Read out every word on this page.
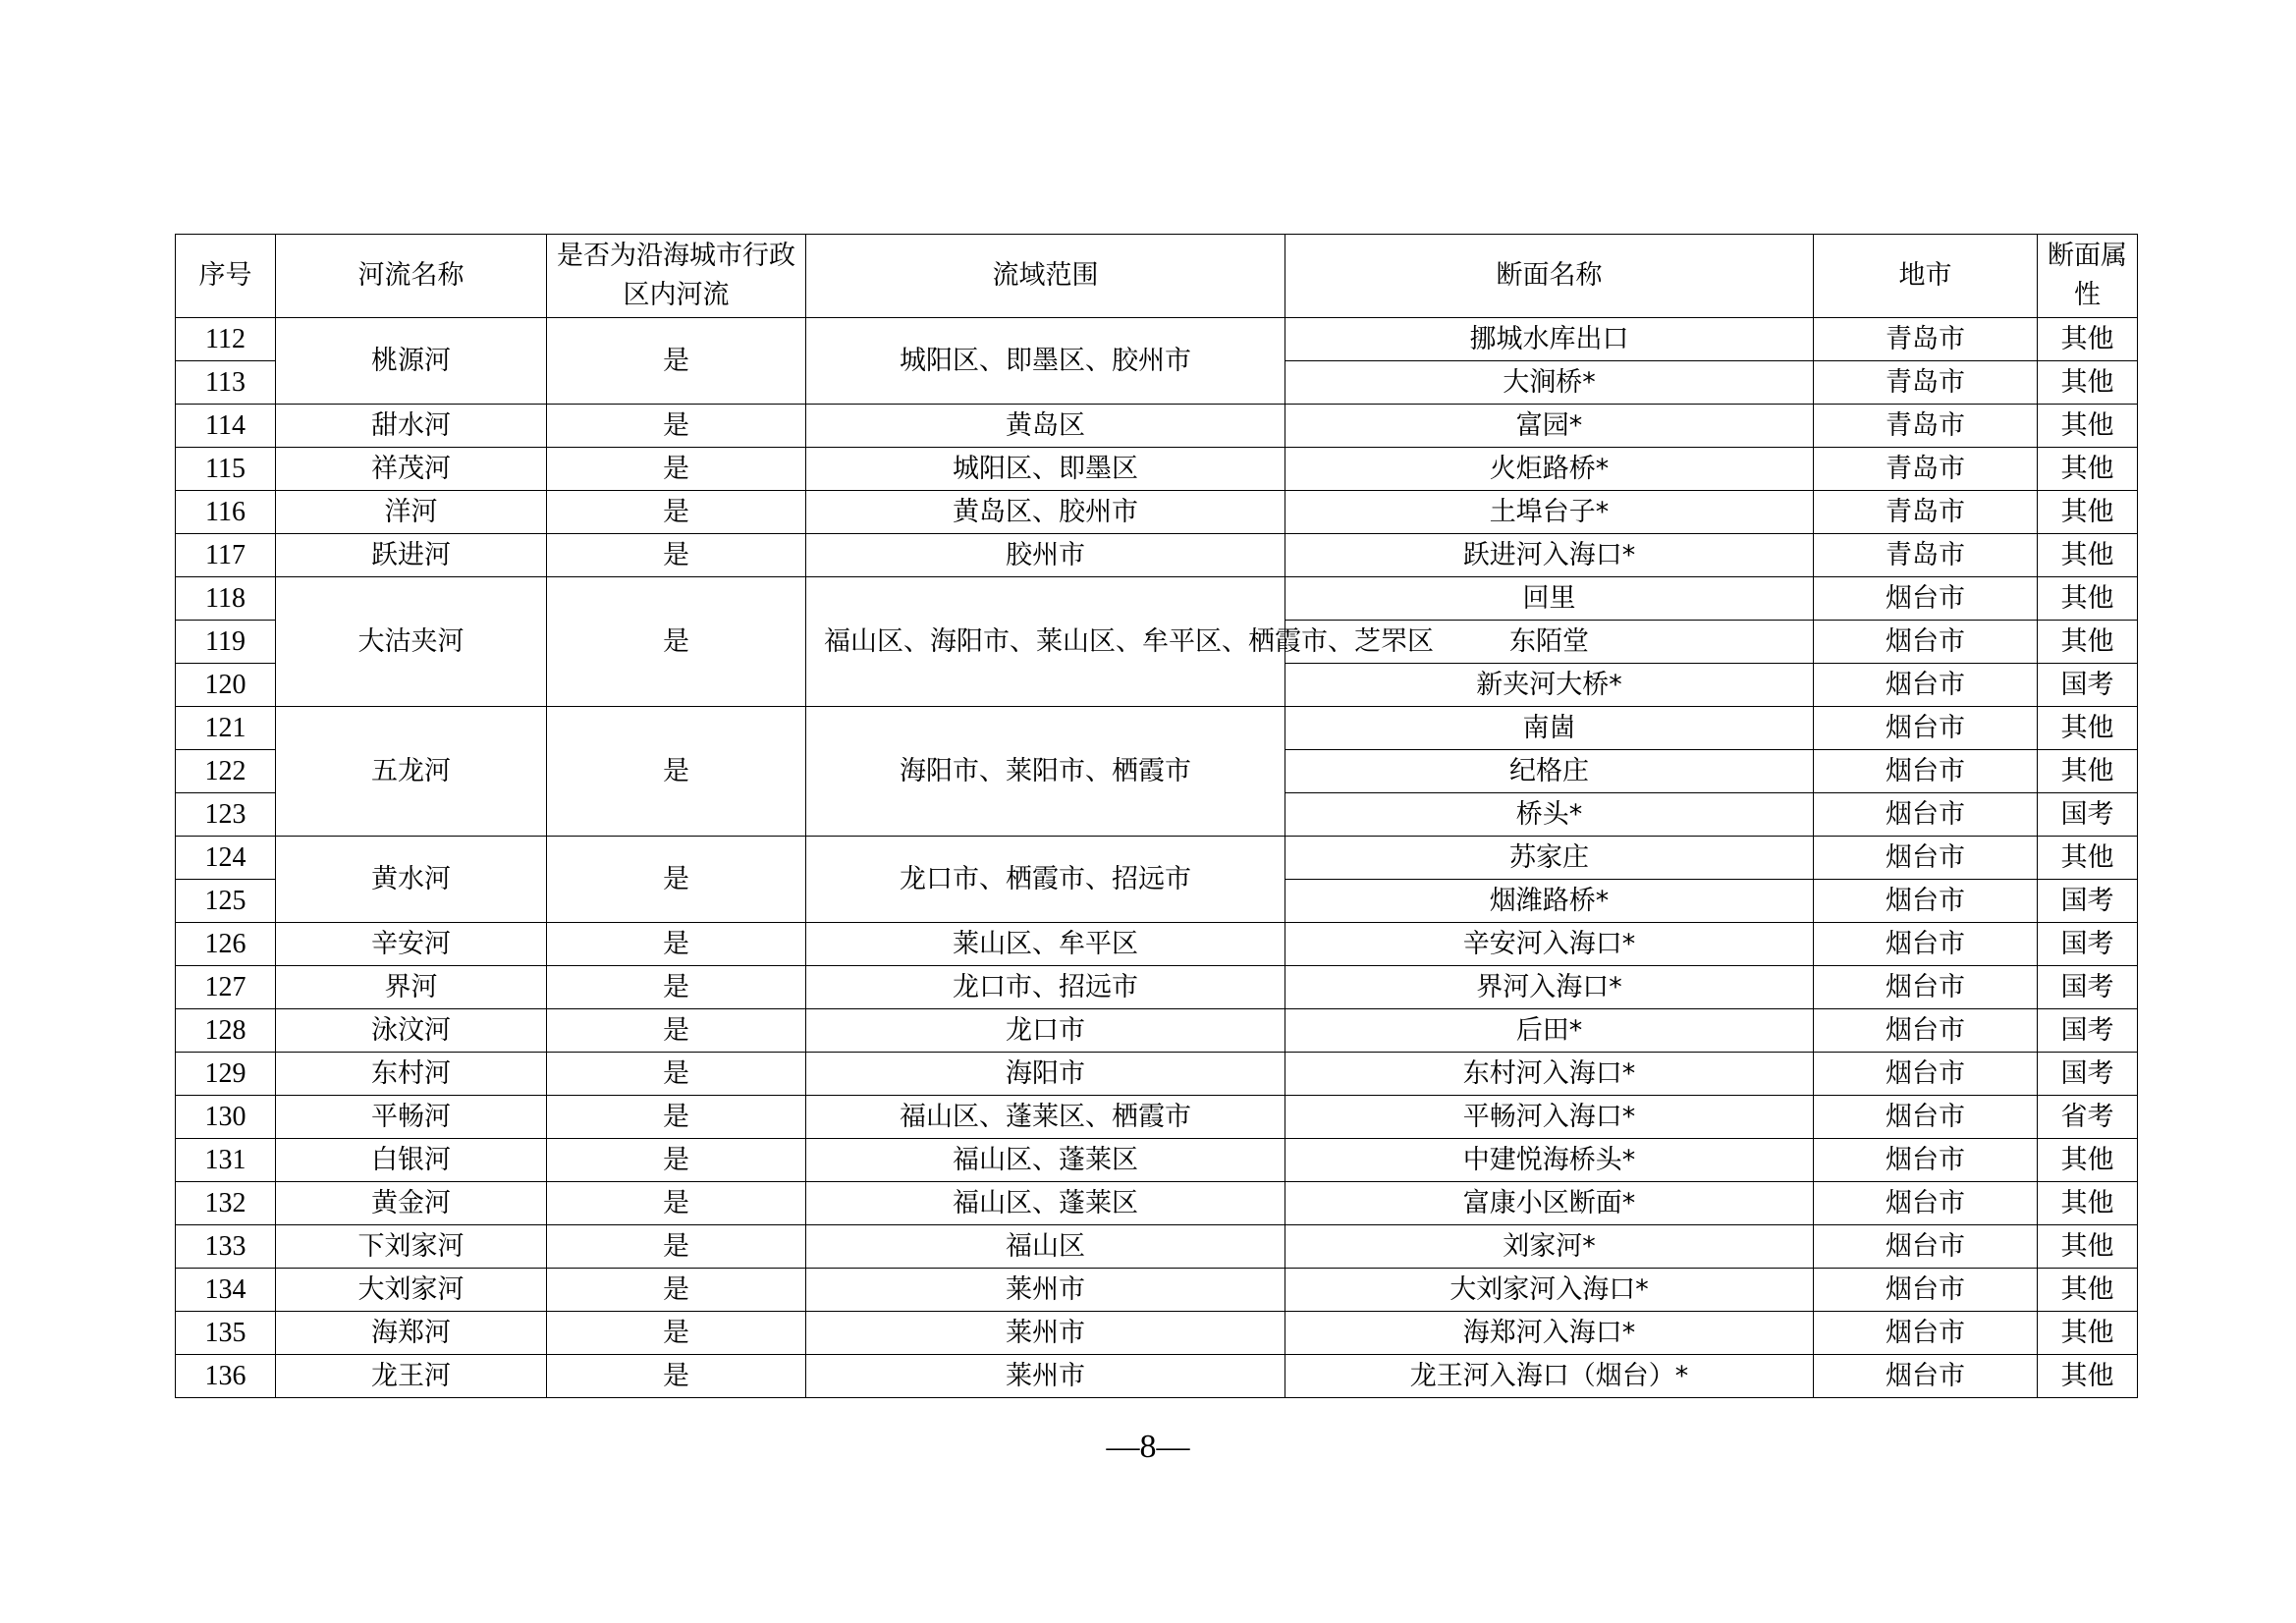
序号	河流名称	是否为沿海城市行政区内河流	流域范围	断面名称	地市	断面属性
112	桃源河	是	城阳区、即墨区、胶州市	挪城水库出口	青岛市	其他
113				大涧桥*	青岛市	其他
114	甜水河	是	黄岛区	富园*	青岛市	其他
115	祥茂河	是	城阳区、即墨区	火炬路桥*	青岛市	其他
116	洋河	是	黄岛区、胶州市	土埠台子*	青岛市	其他
117	跃进河	是	胶州市	跃进河入海口*	青岛市	其他
118	大沽夹河	是	福山区、海阳市、莱山区、牟平区、栖霞市、芝罘区	回里	烟台市	其他
119				东陌堂	烟台市	其他
120				新夹河大桥*	烟台市	国考
121	五龙河	是	海阳市、莱阳市、栖霞市	南崮	烟台市	其他
122				纪格庄	烟台市	其他
123				桥头*	烟台市	国考
124	黄水河	是	龙口市、栖霞市、招远市	苏家庄	烟台市	其他
125				烟潍路桥*	烟台市	国考
126	辛安河	是	莱山区、牟平区	辛安河入海口*	烟台市	国考
127	界河	是	龙口市、招远市	界河入海口*	烟台市	国考
128	泳汶河	是	龙口市	后田*	烟台市	国考
129	东村河	是	海阳市	东村河入海口*	烟台市	国考
130	平畅河	是	福山区、蓬莱区、栖霞市	平畅河入海口*	烟台市	省考
131	白银河	是	福山区、蓬莱区	中建悦海桥头*	烟台市	其他
132	黄金河	是	福山区、蓬莱区	富康小区断面*	烟台市	其他
133	下刘家河	是	福山区	刘家河*	烟台市	其他
134	大刘家河	是	莱州市	大刘家河入海口*	烟台市	其他
135	海郑河	是	莱州市	海郑河入海口*	烟台市	其他
136	龙王河	是	莱州市	龙王河入海口（烟台）*	烟台市	其他
—8—
